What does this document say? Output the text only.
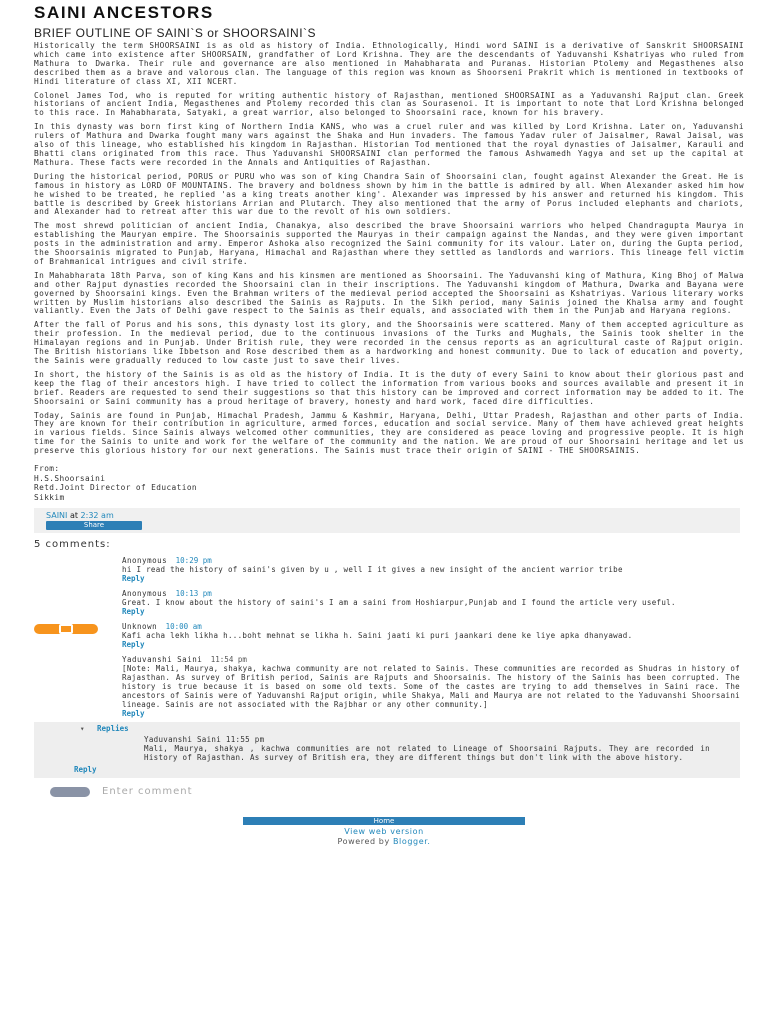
SAINI ANCESTORS
BRIEF OUTLINE OF SAINI`S or SHOORSAINI`S

Historically the term SHOORSAINI is as old as history of India. Ethnologically, Hindi word SAINI is a derivative of Sanskrit SHOORSAINI which came into existence after SHOORSAIN, grandfather of Lord Krishna. They are the descendants of Yaduvanshi Kshatriyas who ruled from Mathura to Dwarka. Their rule and governance are also mentioned in Mahabharata and Puranas. Historian Ptolemy and Megasthenes also described them as a brave and valorous clan. The language of this region was known as Shoorseni Prakrit which is mentioned in textbooks of Hindi literature of class XI, XII NCERT.

Colonel James Tod, who is reputed for writing authentic history of Rajasthan, mentioned SHOORSAINI as a Yaduvanshi Rajput clan. Greek historians of ancient India, Megasthenes and Ptolemy recorded this clan as Sourasenoi. It is important to note that Lord Krishna belonged to this race. In Mahabharata, Satyaki, a great warrior, also belonged to Shoorsaini race, known for his bravery.

In this dynasty was born first king of Northern India KANS, who was a cruel ruler and was killed by Lord Krishna. Later on, Yaduvanshi rulers of Mathura and Dwarka fought many wars against the Shaka and Hun invaders. The famous Yadav ruler of Jaisalmer, Rawal Jaisal, was also of this lineage, who established his kingdom in Rajasthan. Historian Tod mentioned that the royal dynasties of Jaisalmer, Karauli and Bhatti clans originated from this race. Thus Yaduvanshi SHOORSAINI clan performed the famous Ashwamedh Yagya and set up the capital at Mathura. These facts were recorded in the Annals and Antiquities of Rajasthan.

During the historical period, PORUS or PURU who was son of king Chandra Sain of Shoorsaini clan, fought against Alexander the Great. He is famous in history as LORD OF MOUNTAINS. The bravery and boldness shown by him in the battle is admired by all. When Alexander asked him how he wished to be treated, he replied 'as a king treats another king'. Alexander was impressed by his answer and returned his kingdom. This battle is described by Greek historians Arrian and Plutarch. They also mentioned that the army of Porus included elephants and chariots, and Alexander had to retreat after this war due to the revolt of his own soldiers.

The most shrewd politician of ancient India, Chanakya, also described the brave Shoorsaini warriors who helped Chandragupta Maurya in establishing the Mauryan empire. The Shoorsainis supported the Mauryas in their campaign against the Nandas, and they were given important posts in the administration and army. Emperor Ashoka also recognized the Saini community for its valour. Later on, during the Gupta period, the Shoorsainis migrated to Punjab, Haryana, Himachal and Rajasthan where they settled as landlords and warriors. This lineage fell victim of Brahmanical intrigues and civil strife.

In Mahabharata 18th Parva, son of king Kans and his kinsmen are mentioned as Shoorsaini. The Yaduvanshi king of Mathura, King Bhoj of Malwa and other Rajput dynasties recorded the Shoorsaini clan in their inscriptions. The Yaduvanshi kingdom of Mathura, Dwarka and Bayana were governed by Shoorsaini kings. Even the Brahman writers of the medieval period accepted the Shoorsaini as Kshatriyas. Various literary works written by Muslim historians also described the Sainis as Rajputs. In the Sikh period, many Sainis joined the Khalsa army and fought valiantly. Even the Jats of Delhi gave respect to the Sainis as their equals, and associated with them in the Punjab and Haryana regions.

After the fall of Porus and his sons, this dynasty lost its glory, and the Shoorsainis were scattered. Many of them accepted agriculture as their profession. In the medieval period, due to the continuous invasions of the Turks and Mughals, the Sainis took shelter in the Himalayan regions and in Punjab. Under British rule, they were recorded in the census reports as an agricultural caste of Rajput origin. The British historians like Ibbetson and Rose described them as a hardworking and honest community. Due to lack of education and poverty, the Sainis were gradually reduced to low caste just to save their lives.

In short, the history of the Sainis is as old as the history of India. It is the duty of every Saini to know about their glorious past and keep the flag of their ancestors high. I have tried to collect the information from various books and sources available and present it in brief. Readers are requested to send their suggestions so that this history can be improved and correct information may be added to it. The Shoorsaini or Saini community has a proud heritage of bravery, honesty and hard work, faced dire difficulties.

Today, Sainis are found in Punjab, Himachal Pradesh, Jammu & Kashmir, Haryana, Delhi, Uttar Pradesh, Rajasthan and other parts of India. They are known for their contribution in agriculture, armed forces, education and social service. Many of them have achieved great heights in various fields. Since Sainis always welcomed other communities, they are considered as peace loving and progressive people. It is high time for the Sainis to unite and work for the welfare of the community and the nation. We are proud of our Shoorsaini heritage and let us preserve this glorious history for our next generations. The Sainis must trace their origin of SAINI - THE SHOORSAINIS.

From:
H.S.Shoorsaini
Retd.Joint Director of Education
Sikkim
SAINI at 2:32 am
Share
5 comments:
Anonymous 10:29 pm
hi I read the history of saini's given by u , well I it gives a new insight of the ancient warrior tribe
Reply
Anonymous 10:13 pm
Great. I know about the history of saini's I am a saini from Hoshiarpur,Punjab and I found the article very useful.
Reply
Unknown 10:00 am
Kafi acha lekh likha h...boht mehnat se likha h. Saini jaati ki puri jaankari dene ke liye apka dhanyawad.
Reply
Yaduvanshi Saini 11:54 pm
[Note: Mali, Maurya, shakya, kachwa community are not related to Sainis. These communities are recorded as Shudras in history of Rajasthan. As survey of British period, Sainis are Rajputs and Shoorsainis. The history of the Sainis has been corrupted. The history is true because it is based on some old texts. Some of the castes are trying to add themselves in Saini race. The ancestors of Sainis were of Yaduvanshi Rajput origin, while Shakya, Mali and Maurya are not related to the Yaduvanshi Shoorsaini lineage. Sainis are not associated with the Rajbhar or any other community.]
Reply
▾ Replies
Yaduvanshi Saini 11:55 pm
Mali, Maurya, shakya , kachwa communities are not related to Lineage of Shoorsaini Rajputs. They are recorded in History of Rajasthan. As survey of British era, they are different things but don't link with the above history.
Reply
Enter comment
Home
View web version
Powered by Blogger.
